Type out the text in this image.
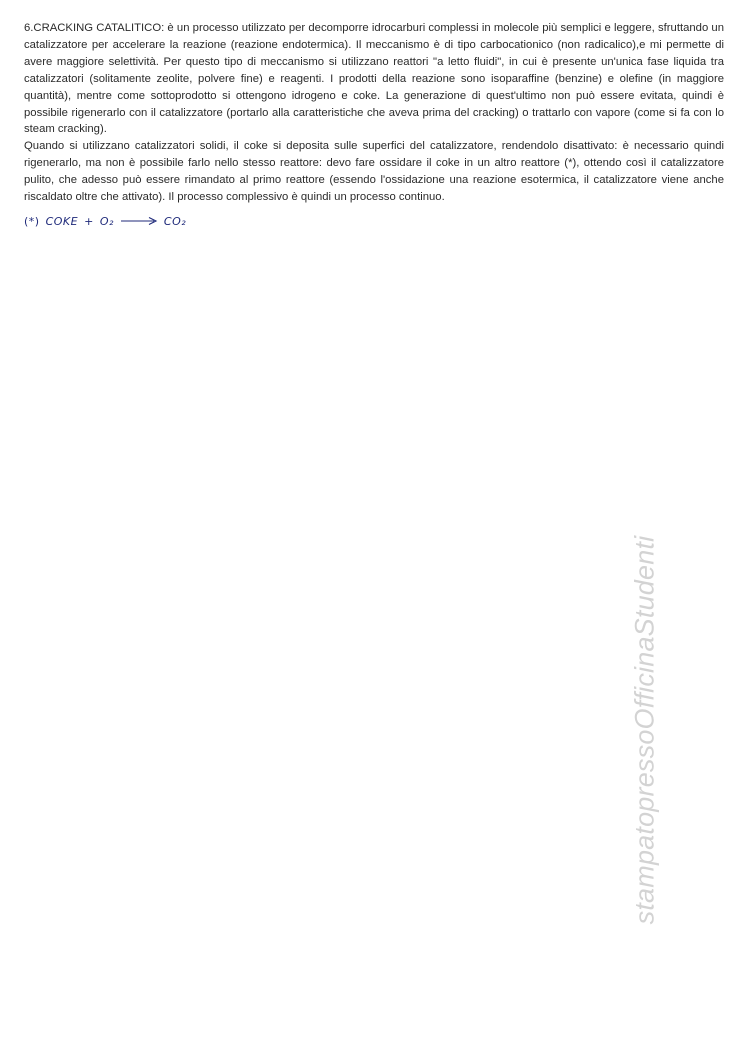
6.CRACKING CATALITICO: è un processo utilizzato per decomporre idrocarburi complessi in molecole più semplici e leggere, sfruttando un catalizzatore per accelerare la reazione (reazione endotermica). Il meccanismo è di tipo carbocationico (non radicalico),e mi permette di avere maggiore selettività. Per questo tipo di meccanismo si utilizzano reattori "a letto fluidi", in cui è presente un'unica fase liquida tra catalizzatori (solitamente zeolite, polvere fine) e reagenti. I prodotti della reazione sono isoparaffine (benzine) e olefine (in maggiore quantità), mentre come sottoprodotto si ottengono idrogeno e coke. La generazione di quest'ultimo non può essere evitata, quindi è possibile rigenerarlo con il catalizzatore (portarlo alla caratteristiche che aveva prima del cracking) o trattarlo con vapore (come si fa con lo steam cracking).

Quando si utilizzano catalizzatori solidi, il coke si deposita sulle superfici del catalizzatore, rendendolo disattivato: è necessario quindi rigenerarlo, ma non è possibile farlo nello stesso reattore: devo fare ossidare il coke in un altro reattore (*), ottendo così il catalizzatore pulito, che adesso può essere rimandato al primo reattore (essendo l'ossidazione una reazione esotermica, il catalizzatore viene anche riscaldato oltre che attivato). Il processo complessivo è quindi un processo continuo.

(*) COKE + O₂ → CO₂
stampatopressoOfficinaStudenti
